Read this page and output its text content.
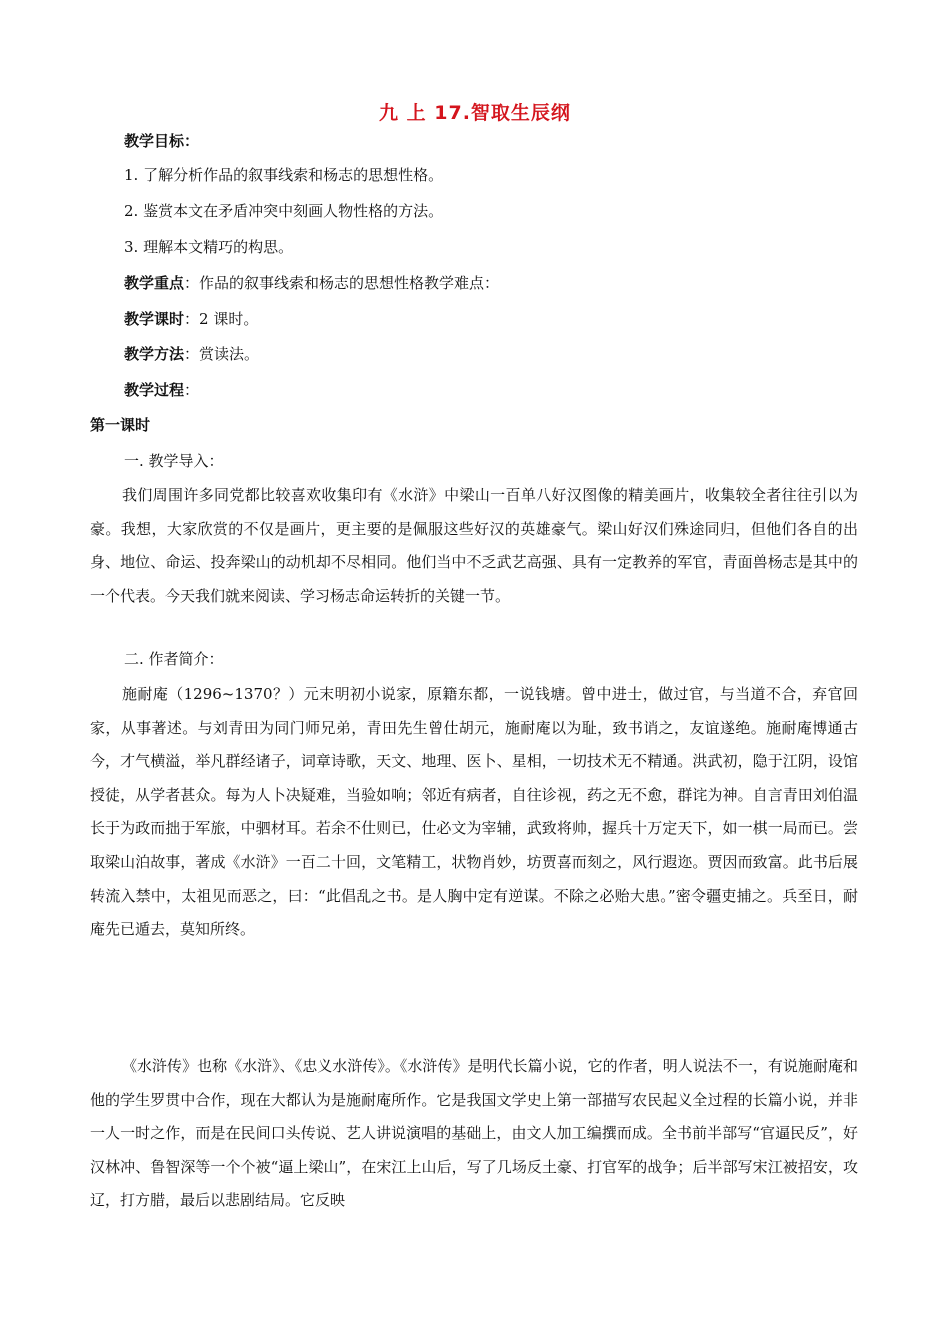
九 上 17.智取生辰纲
教学目标：
1. 了解分析作品的叙事线索和杨志的思想性格。
2. 鉴赏本文在矛盾冲突中刻画人物性格的方法。
3. 理解本文精巧的构思。
教学重点：作品的叙事线索和杨志的思想性格教学难点：
教学课时：2 课时。
教学方法：赏读法。
教学过程：
第一课时
一. 教学导入：
我们周围许多同党都比较喜欢收集印有《水浒》中梁山一百单八好汉图像的精美画片，收集较全者往往引以为豪。我想，大家欣赏的不仅是画片，更主要的是佩服这些好汉的英雄豪气。梁山好汉们殊途同归，但他们各自的出身、地位、命运、投奔梁山的动机却不尽相同。他们当中不乏武艺高强、具有一定教养的军官，青面兽杨志是其中的一个代表。今天我们就来阅读、学习杨志命运转折的关键一节。
二. 作者简介：
施耐庵（1296~1370？）元末明初小说家，原籍东都，一说钱塘。曾中进士，做过官，与当道不合，弃官回家，从事著述。与刘青田为同门师兄弟，青田先生曾仕胡元，施耐庵以为耻，致书诮之，友谊遂绝。施耐庵博通古今，才气横溢，举凡群经诸子，词章诗歌，天文、地理、医卜、星相，一切技术无不精通。洪武初，隐于江阴，设馆授徒，从学者甚众。每为人卜决疑难，当验如响；邻近有病者，自往诊视，药之无不愈，群诧为神。自言青田刘伯温长于为政而拙于军旅，中驷材耳。若余不仕则已，仕必文为宰辅，武致将帅，握兵十万定天下，如一棋一局而已。尝取梁山泊故事，著成《水浒》一百二十回，文笔精工，状物肖妙，坊贾喜而刻之，风行遐迩。贾因而致富。此书后展转流入禁中，太祖见而恶之，曰：“此倡乱之书。是人胸中定有逆谋。不除之必贻大患。”密令疆吏捕之。兵至日，耐庵先已遁去，莫知所终。
《水浒传》也称《水浒》、《忠义水浒传》。《水浒传》是明代长篇小说，它的作者，明人说法不一，有说施耐庵和他的学生罗贯中合作，现在大都认为是施耐庵所作。它是我国文学史上第一部描写农民起义全过程的长篇小说，并非一人一时之作，而是在民间口头传说、艺人讲说演唱的基础上，由文人加工编撰而成。全书前半部写“官逼民反”，好汉林冲、鲁智深等一个个被“逼上梁山”，在宋江上山后，写了几场反土豪、打官军的战争；后半部写宋江被招安，攻辽，打方腊，最后以悲剧结局。它反映
